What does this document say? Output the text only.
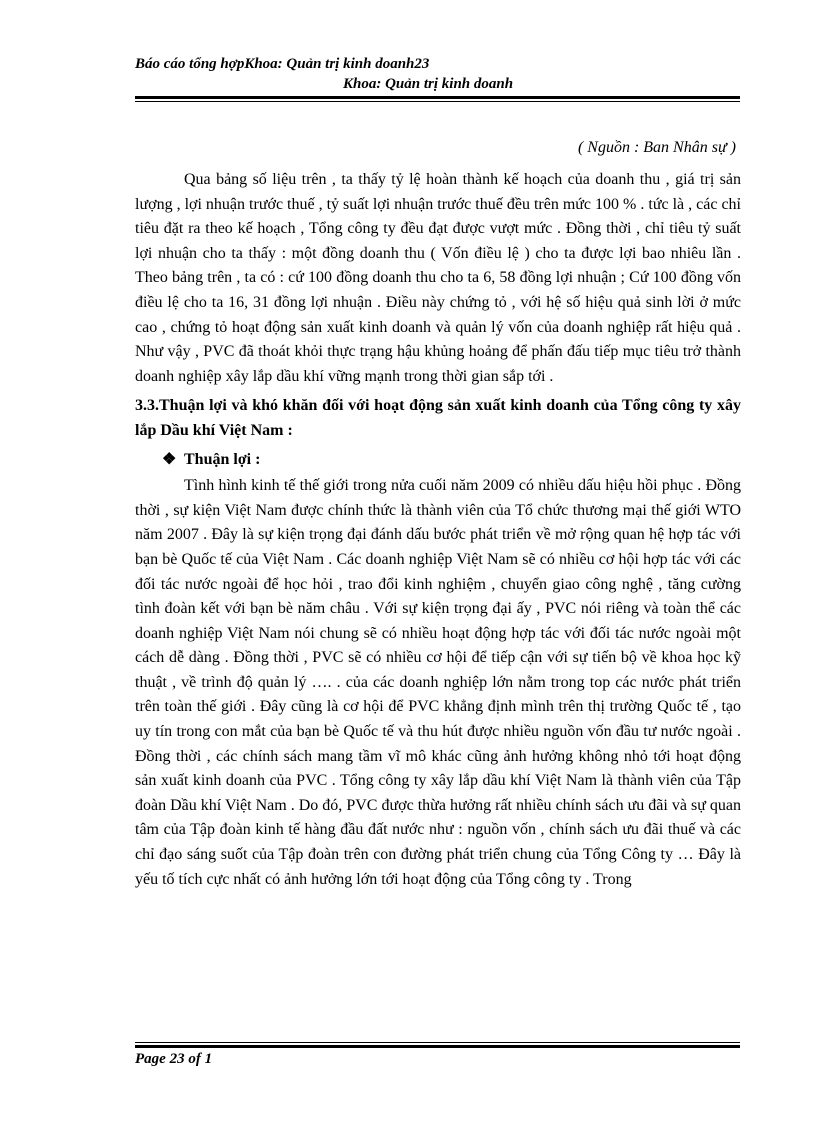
Báo cáo tổng hợpKhoa: Quản trị kinh doanh23
Khoa: Quản trị kinh doanh
( Nguồn : Ban Nhân sự )

Qua bảng số liệu trên , ta thấy tỷ lệ hoàn thành kế hoạch của doanh thu , giá trị sản lượng , lợi nhuận trước thuế , tỷ suất lợi nhuận trước thuế đều trên mức 100 % . tức là , các chỉ tiêu đặt ra theo kế hoạch , Tổng công ty đều đạt được vượt mức . Đồng thời , chỉ tiêu tỷ suất lợi nhuận cho ta thấy : một đồng doanh thu ( Vốn điều lệ ) cho ta được lợi bao nhiêu lần . Theo bảng trên , ta có : cứ 100 đồng doanh thu cho ta 6, 58 đồng lợi nhuận ; Cứ 100 đồng vốn điều lệ cho ta 16, 31 đồng lợi nhuận . Điều này chứng tỏ , với hệ số hiệu quả sinh lời ở mức cao , chứng tỏ hoạt động sản xuất kinh doanh và quản lý vốn của doanh nghiệp rất hiệu quả . Như vậy , PVC đã thoát khỏi thực trạng hậu khủng hoảng để phấn đấu tiếp mục tiêu trở thành doanh nghiệp xây lắp dầu khí vững mạnh trong thời gian sắp tới .

3.3.Thuận lợi và khó khăn đối với hoạt động sản xuất kinh doanh của Tổng công ty xây lắp Dầu khí Việt Nam :

❖ Thuận lợi :

Tình hình kinh tế thế giới trong nửa cuối năm 2009 có nhiều dấu hiệu hồi phục . Đồng thời , sự kiện Việt Nam được chính thức là thành viên của Tổ chức thương mại thế giới WTO năm 2007 . Đây là sự kiện trọng đại đánh dấu bước phát triển về mở rộng quan hệ hợp tác với bạn bè Quốc tế của Việt Nam . Các doanh nghiệp Việt Nam sẽ có nhiều cơ hội hợp tác với các đối tác nước ngoài để học hỏi , trao đổi kinh nghiệm , chuyển giao công nghệ , tăng cường tình đoàn kết với bạn bè năm châu . Với sự kiện trọng đại ấy , PVC nói riêng và toàn thể các doanh nghiệp Việt Nam nói chung sẽ có nhiều hoạt động hợp tác với đối tác nước ngoài một cách dễ dàng . Đồng thời , PVC sẽ có nhiều cơ hội để tiếp cận với sự tiến bộ về khoa học kỹ thuật , về trình độ quản lý …. . của các doanh nghiệp lớn nằm trong top các nước phát triển trên toàn thế giới . Đây cũng là cơ hội để PVC khẳng định mình trên thị trường Quốc tế , tạo uy tín trong con mắt của bạn bè Quốc tế và thu hút được nhiều nguồn vốn đầu tư nước ngoài . Đồng thời , các chính sách mang tầm vĩ mô khác cũng ảnh hưởng không nhỏ tới hoạt động sản xuất kinh doanh của PVC . Tổng công ty xây lắp dầu khí Việt Nam là thành viên của Tập đoàn Dầu khí Việt Nam . Do đó, PVC được thừa hưởng rất nhiều chính sách ưu đãi và sự quan tâm của Tập đoàn kinh tế hàng đầu đất nước như : nguồn vốn , chính sách ưu đãi thuế và các chỉ đạo sáng suốt của Tập đoàn trên con đường phát triển chung của Tổng Công ty … Đây là yếu tố tích cực nhất có ảnh hưởng lớn tới hoạt động của Tổng công ty . Trong

Page 23 of 1
